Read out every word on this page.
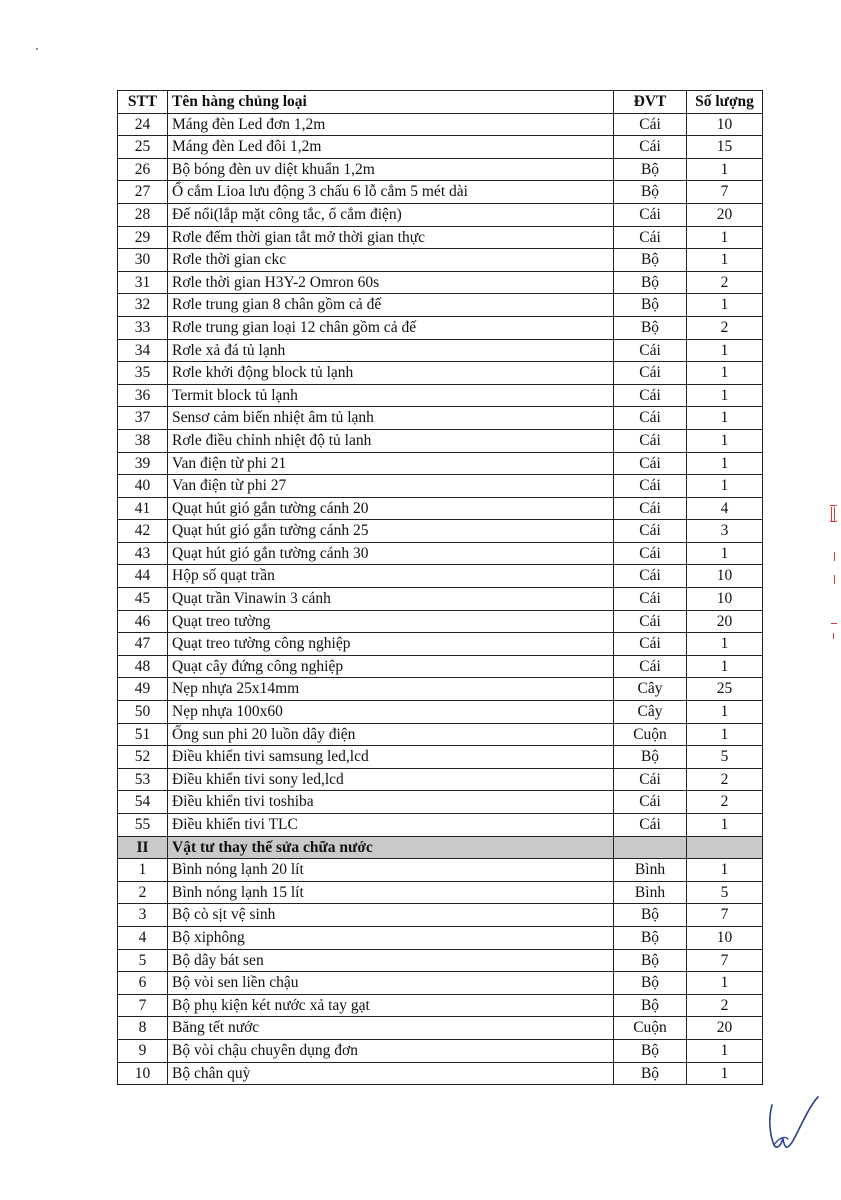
STT	Tên hàng chủng loại	ĐVT	Số lượng
24	Máng đèn Led đơn 1,2m	Cái	10
25	Máng đèn Led đôi 1,2m	Cái	15
26	Bộ bóng đèn uv diệt khuẩn 1,2m	Bộ	1
27	Ổ cắm Lioa lưu động 3 chấu 6 lỗ cắm 5 mét dài	Bộ	7
28	Đế nổi(lắp mặt công tắc, ổ cắm điện)	Cái	20
29	Rơle đếm thời gian tắt mở thời gian thực	Cái	1
30	Rơle thời gian ckc	Bộ	1
31	Rơle thời gian H3Y-2 Omron 60s	Bộ	2
32	Rơle trung gian 8 chân gồm cả đế	Bộ	1
33	Rơle trung gian loại 12 chân gồm cả đế	Bộ	2
34	Rơle xả đá tủ lạnh	Cái	1
35	Rơle khởi động block tủ lạnh	Cái	1
36	Termit block tủ lạnh	Cái	1
37	Sensơ cảm biến nhiệt âm tủ lạnh	Cái	1
38	Rơle điều chỉnh nhiệt độ tủ lanh	Cái	1
39	Van điện từ phi 21	Cái	1
40	Van điện từ phi 27	Cái	1
41	Quạt hút gió gắn tường cánh 20	Cái	4
42	Quạt hút gió gắn tường cánh 25	Cái	3
43	Quạt hút gió gắn tường cánh 30	Cái	1
44	Hộp số quạt trần	Cái	10
45	Quạt trần Vinawin 3 cánh	Cái	10
46	Quạt treo tường	Cái	20
47	Quạt treo tường công nghiệp	Cái	1
48	Quạt cây đứng công nghiệp	Cái	1
49	Nẹp nhựa 25x14mm	Cây	25
50	Nẹp nhựa 100x60	Cây	1
51	Ống sun phi 20 luồn dây điện	Cuộn	1
52	Điều khiển tivi samsung led,lcd	Bộ	5
53	Điều khiển tivi sony led,lcd	Cái	2
54	Điều khiển tivi toshiba	Cái	2
55	Điều khiển tivi TLC	Cái	1
II	Vật tư thay thế sửa chữa nước		
1	Bình nóng lạnh 20 lít	Bình	1
2	Bình nóng lạnh 15 lít	Bình	5
3	Bộ cò sịt vệ sinh	Bộ	7
4	Bộ xiphông	Bộ	10
5	Bộ dây bát sen	Bộ	7
6	Bộ vòi sen liền chậu	Bộ	1
7	Bộ phụ kiện két nước xả tay gạt	Bộ	2
8	Băng tết nước	Cuộn	20
9	Bộ vòi chậu chuyên dụng đơn	Bộ	1
10	Bộ chân quỳ	Bộ	1
